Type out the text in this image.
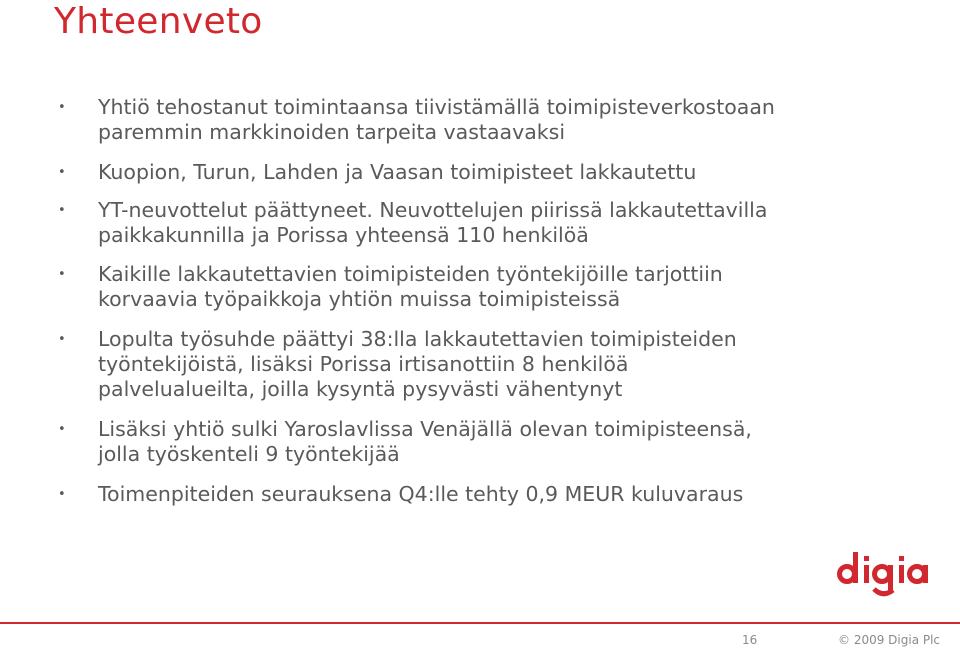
Yhteenveto
• Yhtiö tehostanut toimintaansa tiivistämällä toimipisteverkostoaan
paremmin markkinoiden tarpeita vastaavaksi
• Kuopion, Turun, Lahden ja Vaasan toimipisteet lakkautettu
• YT-neuvottelut päättyneet. Neuvottelujen piirissä lakkautettavilla
paikkakunnilla ja Porissa yhteensä 110 henkilöä
• Kaikille lakkautettavien toimipisteiden työntekijöille tarjottiin
korvaavia työpaikkoja yhtiön muissa toimipisteissä
• Lopulta työsuhde päättyi 38:lla lakkautettavien toimipisteiden
työntekijöistä, lisäksi Porissa irtisanottiin 8 henkilöä
palvelualueilta, joilla kysyntä pysyvästi vähentynyt
• Lisäksi yhtiö sulki Yaroslavlissa Venäjällä olevan toimipisteensä,
jolla työskenteli 9 työntekijää
• Toimenpiteiden seurauksena Q4:lle tehty 0,9 MEUR kuluvaraus
16	© 2009 Digia Plc
